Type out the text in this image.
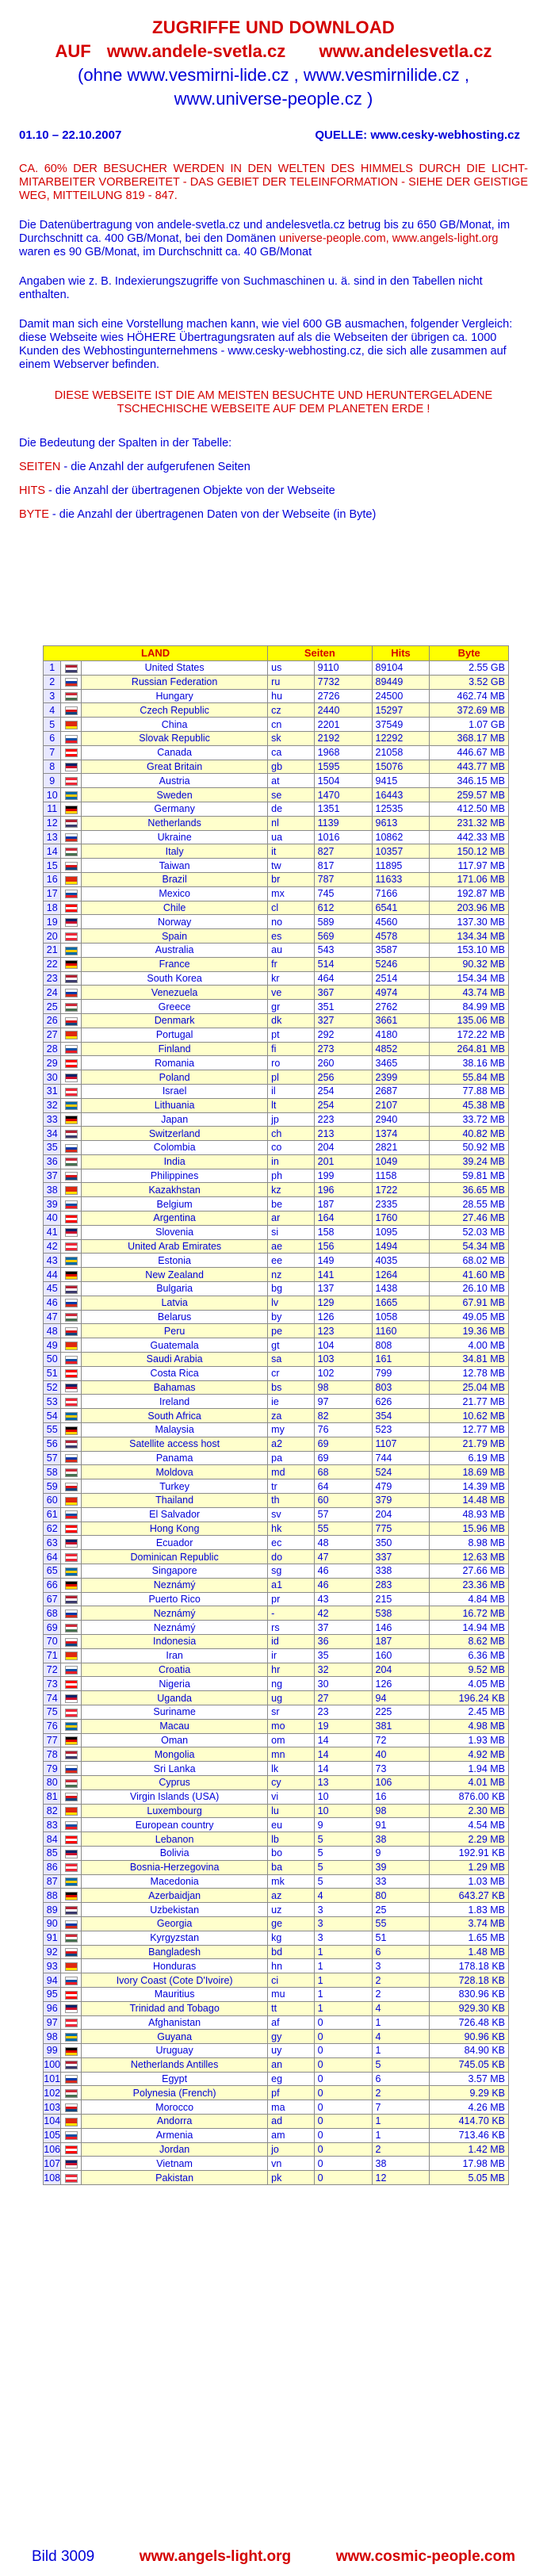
ZUGRIFFE UND DOWNLOAD
AUF www.andele-svetla.cz www.andelesvetla.cz
(ohne www.vesmirni-lide.cz , www.vesmirnilide.cz ,
www.universe-people.cz )
01.10 – 22.10.2007	QUELLE: www.cesky-webhosting.cz
CA. 60% DER BESUCHER WERDEN IN DEN WELTEN DES HIMMELS DURCH DIE LICHT-MITARBEITER VORBEREITET - DAS GEBIET DER TELEINFORMATION - SIEHE DER GEISTIGE WEG, MITTEILUNG 819 - 847.
Die Datenübertragung von andele-svetla.cz und andelesvetla.cz betrug bis zu 650 GB/Monat, im Durchschnitt ca. 400 GB/Monat, bei den Domänen universe-people.com, www.angels-light.org waren es 90 GB/Monat, im Durchschnitt ca. 40 GB/Monat
Angaben wie z. B. Indexierungszugriffe von Suchmaschinen u. ä. sind in den Tabellen nicht enthalten.
Damit man sich eine Vorstellung machen kann, wie viel 600 GB ausmachen, folgender Vergleich: diese Webseite wies HÖHERE Übertragungsraten auf als die Webseiten der übrigen ca. 1000 Kunden des Webhostingunternehmens - www.cesky-webhosting.cz, die sich alle zusammen auf einem Webserver befinden.
DIESE WEBSEITE IST DIE AM MEISTEN BESUCHTE UND HERUNTERGELADENE TSCHECHISCHE WEBSEITE AUF DEM PLANETEN ERDE !
Die Bedeutung der Spalten in der Tabelle:
SEITEN - die Anzahl der aufgerufenen Seiten
HITS - die Anzahl der übertragenen Objekte von der Webseite
BYTE - die Anzahl der übertragenen Daten von der Webseite (in Byte)
LAND			Seiten		Hits	Byte
1		United States	us	9110	89104	2.55 GB
2		Russian Federation	ru	7732	89449	3.52 GB
3		Hungary	hu	2726	24500	462.74 MB
4		Czech Republic	cz	2440	15297	372.69 MB
5		China	cn	2201	37549	1.07 GB
6		Slovak Republic	sk	2192	12292	368.17 MB
7		Canada	ca	1968	21058	446.67 MB
8		Great Britain	gb	1595	15076	443.77 MB
9		Austria	at	1504	9415	346.15 MB
10		Sweden	se	1470	16443	259.57 MB
11		Germany	de	1351	12535	412.50 MB
12		Netherlands	nl	1139	9613	231.32 MB
13		Ukraine	ua	1016	10862	442.33 MB
14		Italy	it	827	10357	150.12 MB
15		Taiwan	tw	817	11895	117.97 MB
16		Brazil	br	787	11633	171.06 MB
17		Mexico	mx	745	7166	192.87 MB
18		Chile	cl	612	6541	203.96 MB
19		Norway	no	589	4560	137.30 MB
20		Spain	es	569	4578	134.34 MB
21		Australia	au	543	3587	153.10 MB
22		France	fr	514	5246	90.32 MB
23		South Korea	kr	464	2514	154.34 MB
24		Venezuela	ve	367	4974	43.74 MB
25		Greece	gr	351	2762	84.99 MB
26		Denmark	dk	327	3661	135.06 MB
27		Portugal	pt	292	4180	172.22 MB
28		Finland	fi	273	4852	264.81 MB
29		Romania	ro	260	3465	38.16 MB
30		Poland	pl	256	2399	55.84 MB
31		Israel	il	254	2687	77.88 MB
32		Lithuania	lt	254	2107	45.38 MB
33		Japan	jp	223	2940	33.72 MB
34		Switzerland	ch	213	1374	40.82 MB
35		Colombia	co	204	2821	50.92 MB
36		India	in	201	1049	39.24 MB
37		Philippines	ph	199	1158	59.81 MB
38		Kazakhstan	kz	196	1722	36.65 MB
39		Belgium	be	187	2335	28.55 MB
40		Argentina	ar	164	1760	27.46 MB
41		Slovenia	si	158	1095	52.03 MB
42		United Arab Emirates	ae	156	1494	54.34 MB
43		Estonia	ee	149	4035	68.02 MB
44		New Zealand	nz	141	1264	41.60 MB
45		Bulgaria	bg	137	1438	26.10 MB
46		Latvia	lv	129	1665	67.91 MB
47		Belarus	by	126	1058	49.05 MB
48		Peru	pe	123	1160	19.36 MB
49		Guatemala	gt	104	808	4.00 MB
50		Saudi Arabia	sa	103	161	34.81 MB
51		Costa Rica	cr	102	799	12.78 MB
52		Bahamas	bs	98	803	25.04 MB
53		Ireland	ie	97	626	21.77 MB
54		South Africa	za	82	354	10.62 MB
55		Malaysia	my	76	523	12.77 MB
56		Satellite access host	a2	69	1107	21.79 MB
57		Panama	pa	69	744	6.19 MB
58		Moldova	md	68	524	18.69 MB
59		Turkey	tr	64	479	14.39 MB
60		Thailand	th	60	379	14.48 MB
61		El Salvador	sv	57	204	48.93 MB
62		Hong Kong	hk	55	775	15.96 MB
63		Ecuador	ec	48	350	8.98 MB
64		Dominican Republic	do	47	337	12.63 MB
65		Singapore	sg	46	338	27.66 MB
66		Neznámý	a1	46	283	23.36 MB
67		Puerto Rico	pr	43	215	4.84 MB
68		Neznámý	-	42	538	16.72 MB
69		Neznámý	rs	37	146	14.94 MB
70		Indonesia	id	36	187	8.62 MB
71		Iran	ir	35	160	6.36 MB
72		Croatia	hr	32	204	9.52 MB
73		Nigeria	ng	30	126	4.05 MB
74		Uganda	ug	27	94	196.24 KB
75		Suriname	sr	23	225	2.45 MB
76		Macau	mo	19	381	4.98 MB
77		Oman	om	14	72	1.93 MB
78		Mongolia	mn	14	40	4.92 MB
79		Sri Lanka	lk	14	73	1.94 MB
80		Cyprus	cy	13	106	4.01 MB
81		Virgin Islands (USA)	vi	10	16	876.00 KB
82		Luxembourg	lu	10	98	2.30 MB
83		European country	eu	9	91	4.54 MB
84		Lebanon	lb	5	38	2.29 MB
85		Bolivia	bo	5	9	192.91 KB
86		Bosnia-Herzegovina	ba	5	39	1.29 MB
87		Macedonia	mk	5	33	1.03 MB
88		Azerbaidjan	az	4	80	643.27 KB
89		Uzbekistan	uz	3	25	1.83 MB
90		Georgia	ge	3	55	3.74 MB
91		Kyrgyzstan	kg	3	51	1.65 MB
92		Bangladesh	bd	1	6	1.48 MB
93		Honduras	hn	1	3	178.18 KB
94		Ivory Coast (Cote D'Ivoire)	ci	1	2	728.18 KB
95		Mauritius	mu	1	2	830.96 KB
96		Trinidad and Tobago	tt	1	4	929.30 KB
97		Afghanistan	af	0	1	726.48 KB
98		Guyana	gy	0	4	90.96 KB
99		Uruguay	uy	0	1	84.90 KB
100		Netherlands Antilles	an	0	5	745.05 KB
101		Egypt	eg	0	6	3.57 MB
102		Polynesia (French)	pf	0	2	9.29 KB
103		Morocco	ma	0	7	4.26 MB
104		Andorra	ad	0	1	414.70 KB
105		Armenia	am	0	1	713.46 KB
106		Jordan	jo	0	2	1.42 MB
107		Vietnam	vn	0	38	17.98 MB
108		Pakistan	pk	0	12	5.05 MB
Bild 3009	www.angels-light.org	www.cosmic-people.com
